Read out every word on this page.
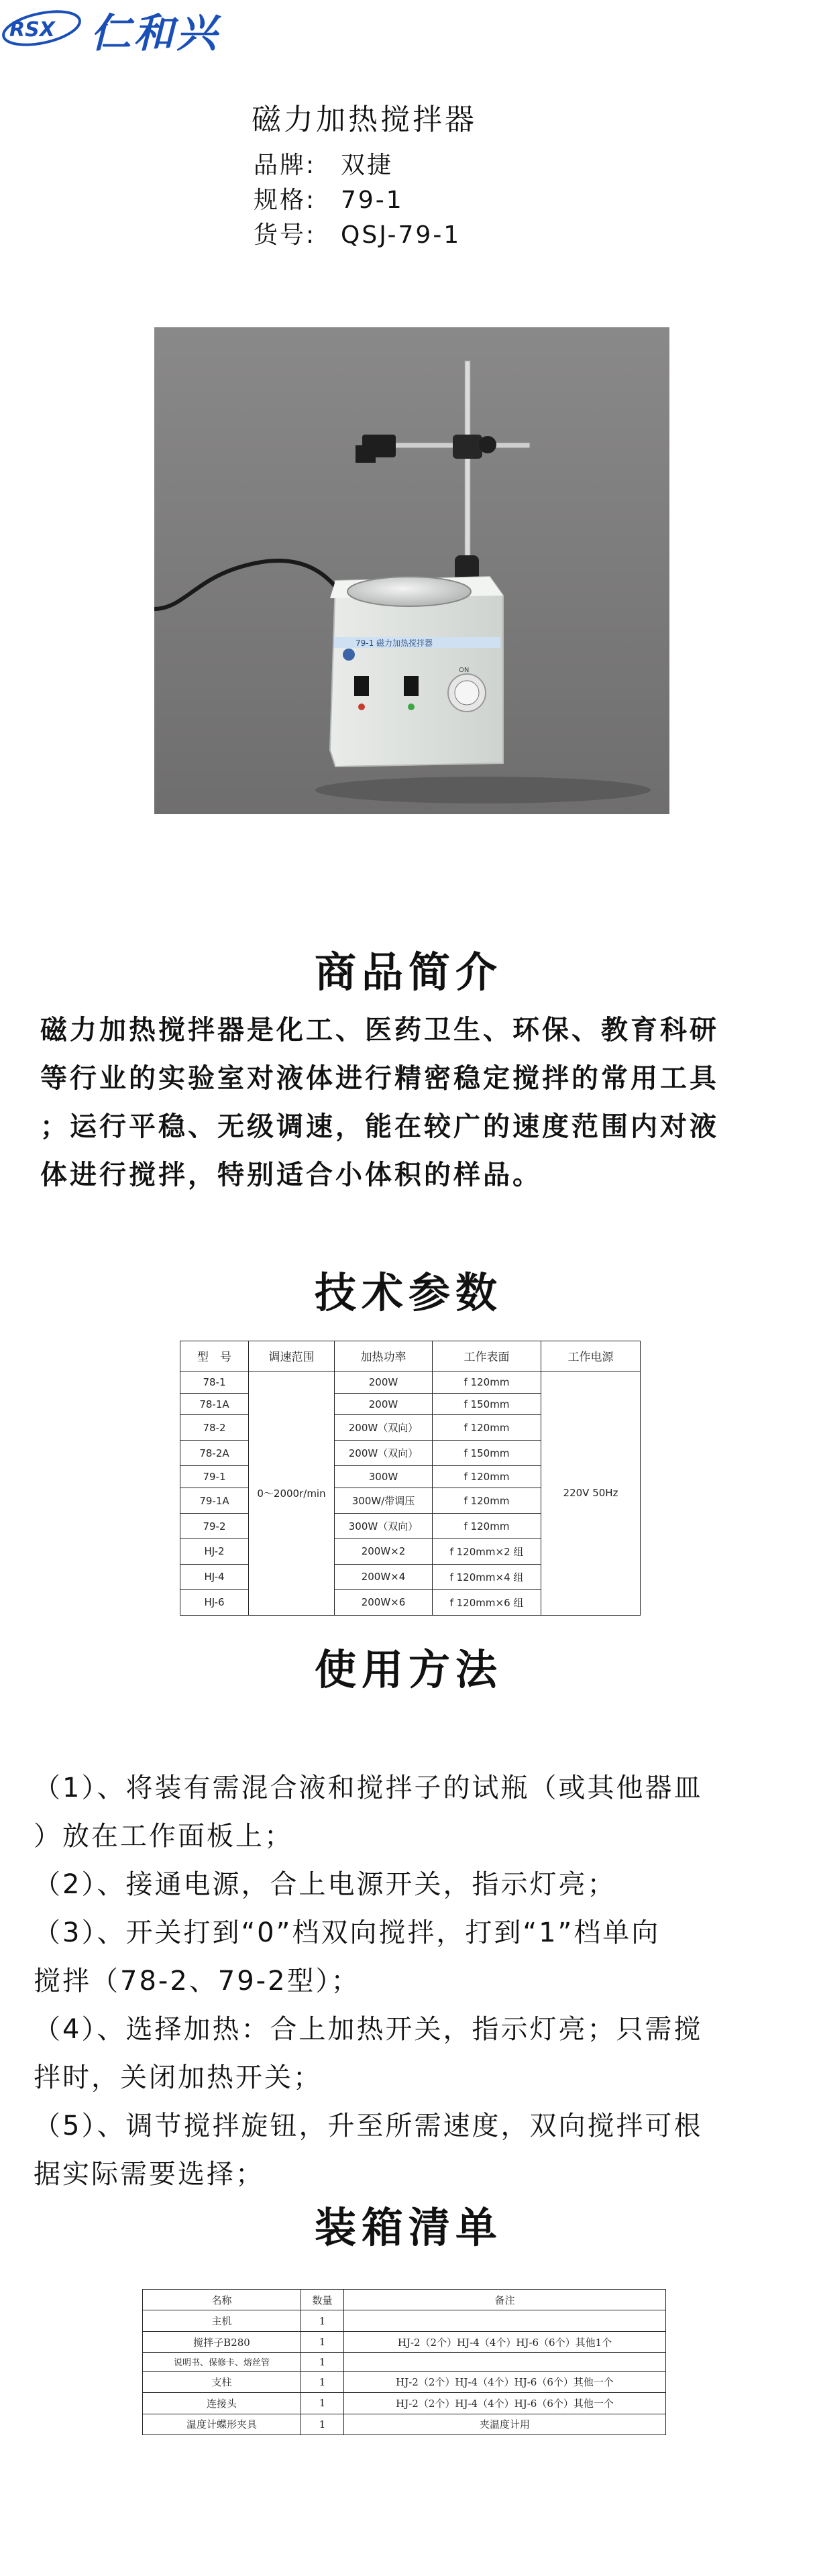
RSX 仁和兴
磁力加热搅拌器
品牌: 双捷
规格: 79-1
货号: QSJ-79-1
79-1 磁力加热搅拌器
ON
商品简介
磁力加热搅拌器是化工、医药卫生、环保、教育科研
等行业的实验室对液体进行精密稳定搅拌的常用工具
；运行平稳、无级调速，能在较广的速度范围内对液
体进行搅拌，特别适合小体积的样品。
技术参数
型　号	调速范围	加热功率	工作表面	工作电源
78-1	0～2000r/min	200W	f 120mm	220V 50Hz
78-1A		200W	f 150mm	
78-2		200W（双向）	f 120mm	
78-2A		200W（双向）	f 150mm	
79-1		300W	f 120mm	
79-1A		300W/带调压	f 120mm	
79-2		300W（双向）	f 120mm	
HJ-2		200W×2	f 120mm×2 组	
HJ-4		200W×4	f 120mm×4 组	
HJ-6		200W×6	f 120mm×6 组	
使用方法
（1）、将装有需混合液和搅拌子的试瓶（或其他器皿
）放在工作面板上；
（2）、接通电源，合上电源开关，指示灯亮；
（3）、开关打到“0”档双向搅拌，打到“1”档单向
搅拌（78-2、79-2型）；
（4）、选择加热：合上加热开关，指示灯亮；只需搅
拌时，关闭加热开关；
（5）、调节搅拌旋钮，升至所需速度，双向搅拌可根
据实际需要选择；
装箱清单
名称	数量	备注
主机	1	
搅拌子B280	1	HJ-2（2个）HJ-4（4个）HJ-6（6个）其他1个
说明书、保修卡、熔丝管	1	
支柱	1	HJ-2（2个）HJ-4（4个）HJ-6（6个）其他一个
连接头	1	HJ-2（2个）HJ-4（4个）HJ-6（6个）其他一个
温度计蝶形夹具	1	夹温度计用
